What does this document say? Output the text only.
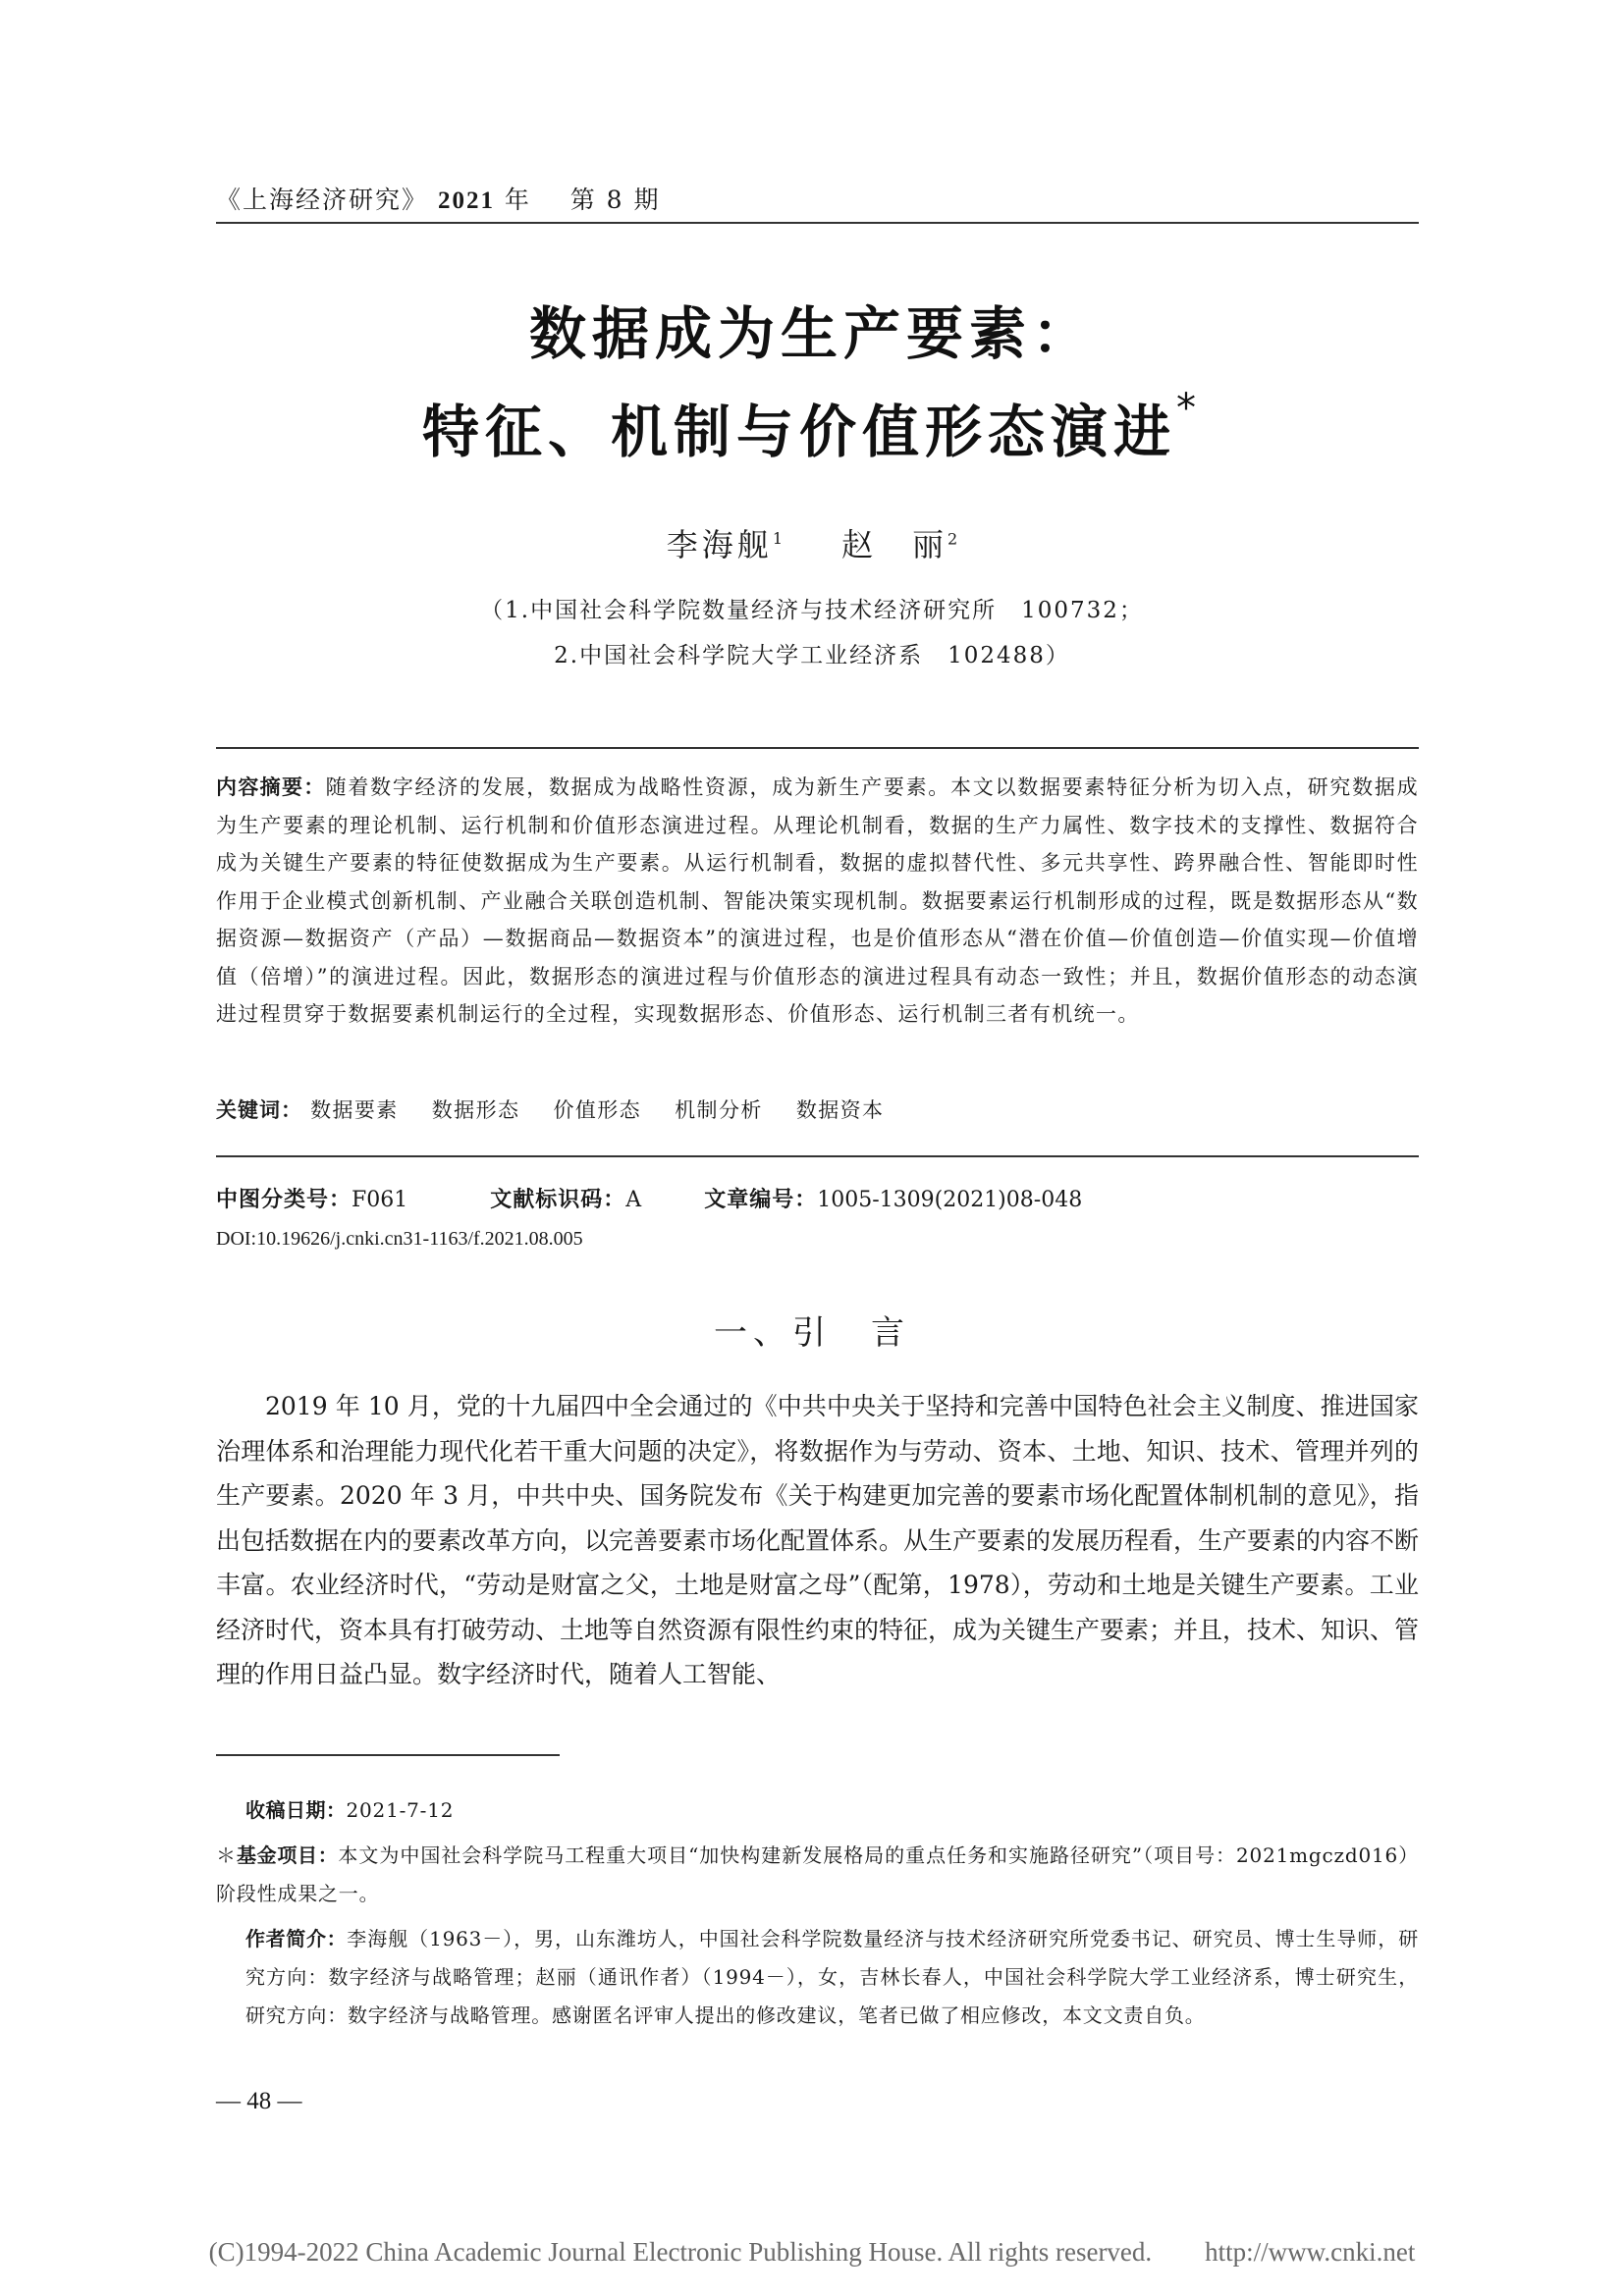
《上海经济研究》 2021 年 第 8 期
数据成为生产要素：
特征、机制与价值形态演进*
李海舰$^1$ 赵　丽$^2$
（1.中国社会科学院数量经济与技术经济研究所　100732；
2.中国社会科学院大学工业经济系　102488）
内容摘要：随着数字经济的发展，数据成为战略性资源，成为新生产要素。本文以数据要素特征分析为切入点，研究数据成为生产要素的理论机制、运行机制和价值形态演进过程。从理论机制看，数据的生产力属性、数字技术的支撑性、数据符合成为关键生产要素的特征使数据成为生产要素。从运行机制看，数据的虚拟替代性、多元共享性、跨界融合性、智能即时性作用于企业模式创新机制、产业融合关联创造机制、智能决策实现机制。数据要素运行机制形成的过程，既是数据形态从“数据资源—数据资产（产品）—数据商品—数据资本”的演进过程，也是价值形态从“潜在价值—价值创造—价值实现—价值增值（倍增）”的演进过程。因此，数据形态的演进过程与价值形态的演进过程具有动态一致性；并且，数据价值形态的动态演进过程贯穿于数据要素机制运行的全过程，实现数据形态、价值形态、运行机制三者有机统一。
关键词： 数据要素 数据形态 价值形态 机制分析 数据资本
中图分类号：F061	文献标识码：A	文章编号：1005-1309(2021)08-048
DOI:10.19626/j.cnki.cn31-1163/f.2021.08.005
一、引　言
2019 年 10 月，党的十九届四中全会通过的《中共中央关于坚持和完善中国特色社会主义制度、推进国家治理体系和治理能力现代化若干重大问题的决定》，将数据作为与劳动、资本、土地、知识、技术、管理并列的生产要素。2020 年 3 月，中共中央、国务院发布《关于构建更加完善的要素市场化配置体制机制的意见》，指出包括数据在内的要素改革方向，以完善要素市场化配置体系。从生产要素的发展历程看，生产要素的内容不断丰富。农业经济时代，“劳动是财富之父，土地是财富之母”（配第，1978），劳动和土地是关键生产要素。工业经济时代，资本具有打破劳动、土地等自然资源有限性约束的特征，成为关键生产要素；并且，技术、知识、管理的作用日益凸显。数字经济时代，随着人工智能、
收稿日期：2021-7-12
＊基金项目：本文为中国社会科学院马工程重大项目“加快构建新发展格局的重点任务和实施路径研究”（项目号：2021mgczd016）阶段性成果之一。
作者简介：李海舰（1963－），男，山东潍坊人，中国社会科学院数量经济与技术经济研究所党委书记、研究员、博士生导师，研究方向：数字经济与战略管理；赵丽（通讯作者）（1994－），女，吉林长春人，中国社会科学院大学工业经济系，博士研究生，研究方向：数字经济与战略管理。感谢匿名评审人提出的修改建议，笔者已做了相应修改，本文文责自负。
— 48 —
(C)1994-2022 China Academic Journal Electronic Publishing House. All rights reserved.　　http://www.cnki.net
